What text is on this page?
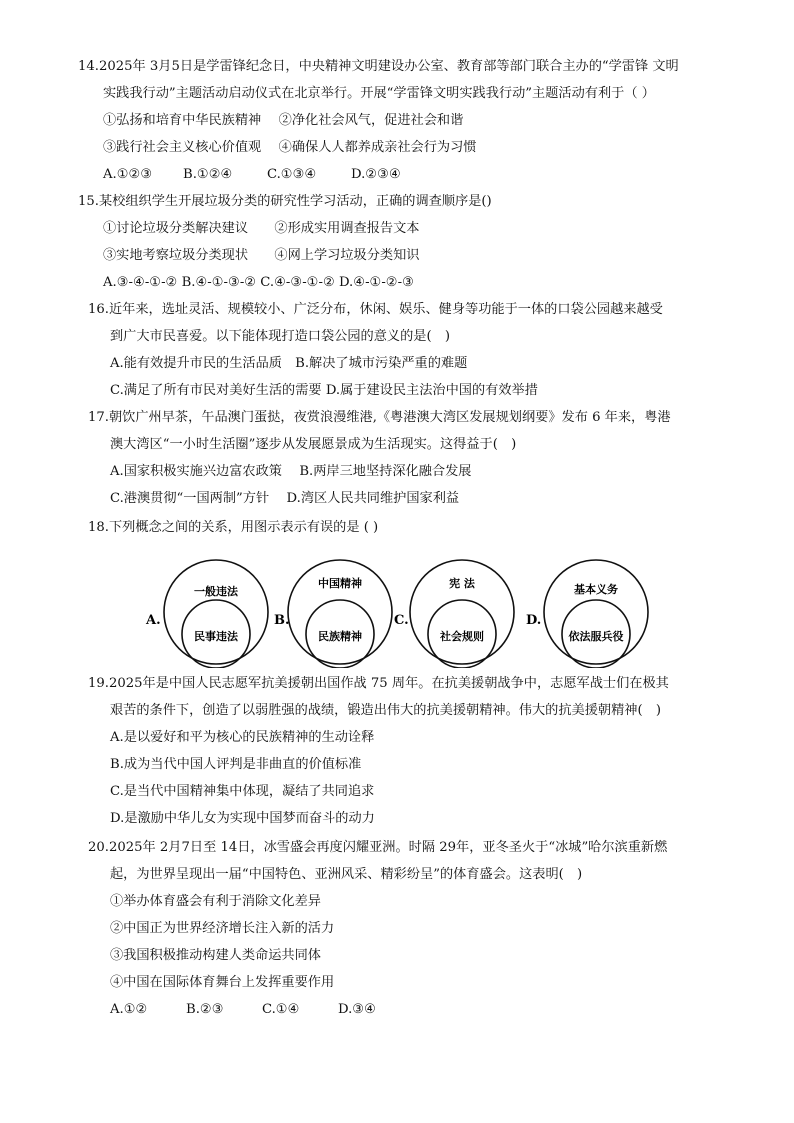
14.2025年 3月5日是学雷锋纪念日，中央精神文明建设办公室、教育部等部门联合主办的“学雷锋 文明
实践我行动”主题活动启动仪式在北京举行。开展“学雷锋文明实践我行动”主题活动有利于（ ）
①弘扬和培育中华民族精神　 ②净化社会风气，促进社会和谐
③践行社会主义核心价值观　 ④确保人人都养成亲社会行为习惯
A.①②③ B.①②④	C.①③④	D.②③④
15.某校组织学生开展垃圾分类的研究性学习活动，正确的调查顺序是()
①讨论垃圾分类解决建议　　②形成实用调查报告文本
③实地考察垃圾分类现状　　④网上学习垃圾分类知识
A.③-④-①-② B.④-①-③-② C.④-③-①-② D.④-①-②-③
16.近年来，选址灵活、规模较小、广泛分布，休闲、娱乐、健身等功能于一体的口袋公园越来越受
到广大市民喜爱。以下能体现打造口袋公园的意义的是(　)
A.能有效提升市民的生活品质　B.解决了城市污染严重的难题
C.满足了所有市民对美好生活的需要 D.属于建设民主法治中国的有效举措
17.朝饮广州早茶，午品澳门蛋挞，夜赏浪漫维港,《粤港澳大湾区发展规划纲要》发布 6 年来，粤港
澳大湾区“一小时生活圈”逐步从发展愿景成为生活现实。这得益于(　)
A.国家积极实施兴边富农政策　 B.两岸三地坚持深化融合发展
C.港澳贯彻“一国两制”方针　 D.湾区人民共同维护国家利益
18.下列概念之间的关系，用图示表示有误的是 ( )
A.
一般违法
民事违法
B.
中国精神
民族精神
C.
宪 法
社会规则
D.
基本义务
依法服兵役
19.2025年是中国人民志愿军抗美援朝出国作战 75 周年。在抗美援朝战争中，志愿军战士们在极其
艰苦的条件下，创造了以弱胜强的战绩，锻造出伟大的抗美援朝精神。伟大的抗美援朝精神(　)
A.是以爱好和平为核心的民族精神的生动诠释
B.成为当代中国人评判是非曲直的价值标准
C.是当代中国精神集中体现，凝结了共同追求
D.是激励中华儿女为实现中国梦而奋斗的动力
20.2025年 2月7日至 14日，冰雪盛会再度闪耀亚洲。时隔 29年，亚冬圣火于“冰城”哈尔滨重新燃
起，为世界呈现出一届“中国特色、亚洲风采、精彩纷呈”的体育盛会。这表明(　)
①举办体育盛会有利于消除文化差异
②中国正为世界经济增长注入新的活力
③我国积极推动构建人类命运共同体
④中国在国际体育舞台上发挥重要作用
A.①②	B.②③	C.①④	D.③④
